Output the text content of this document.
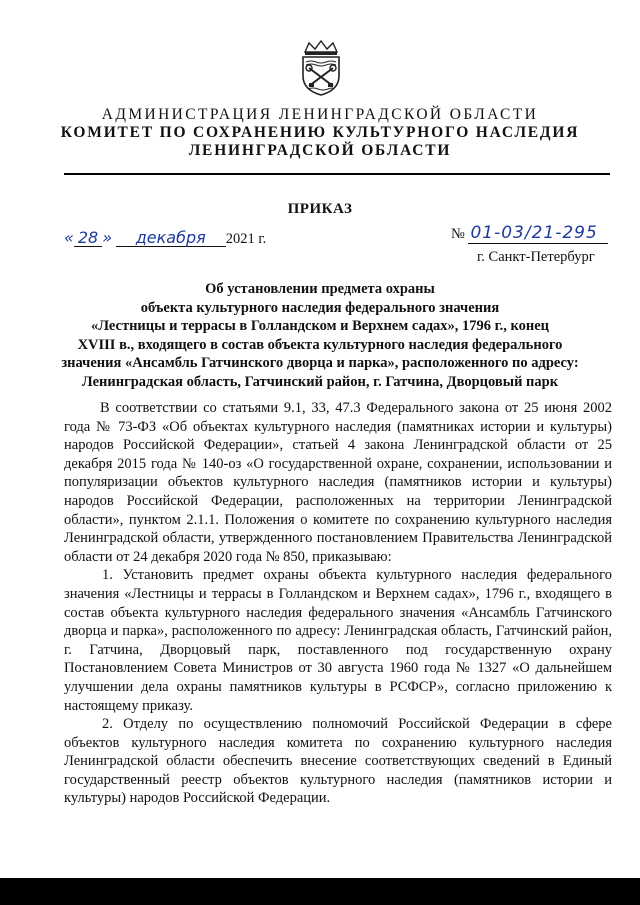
АДМИНИСТРАЦИЯ ЛЕНИНГРАДСКОЙ ОБЛАСТИ
КОМИТЕТ ПО СОХРАНЕНИЮ КУЛЬТУРНОГО НАСЛЕДИЯ
ЛЕНИНГРАДСКОЙ ОБЛАСТИ
ПРИКАЗ
« 28 » декабря 2021 г.	№ 01-03/21-295
г. Санкт-Петербург
Об установлении предмета охраны
объекта культурного наследия федерального значения
«Лестницы и террасы в Голландском и Верхнем садах», 1796 г., конец
XVIII в., входящего в состав объекта культурного наследия федерального
значения «Ансамбль Гатчинского дворца и парка», расположенного по адресу:
Ленинградская область, Гатчинский район, г. Гатчина, Дворцовый парк

В соответствии со статьями 9.1, 33, 47.3 Федерального закона от 25 июня 2002 года № 73-ФЗ «Об объектах культурного наследия (памятниках истории и культуры) народов Российской Федерации», статьей 4 закона Ленинградской области от 25 декабря 2015 года № 140-оз «О государственной охране, сохранении, использовании и популяризации объектов культурного наследия (памятников истории и культуры) народов Российской Федерации, расположенных на территории Ленинградской области», пунктом 2.1.1. Положения о комитете по сохранению культурного наследия Ленинградской области, утвержденного постановлением Правительства Ленинградской области от 24 декабря 2020 года № 850, приказываю:

1. Установить предмет охраны объекта культурного наследия федерального значения «Лестницы и террасы в Голландском и Верхнем садах», 1796 г., входящего в состав объекта культурного наследия федерального значения «Ансамбль Гатчинского дворца и парка», расположенного по адресу: Ленинградская область, Гатчинский район, г. Гатчина, Дворцовый парк, поставленного под государственную охрану Постановлением Совета Министров от 30 августа 1960 года № 1327 «О дальнейшем улучшении дела охраны памятников культуры в РСФСР», согласно приложению к настоящему приказу.

2. Отделу по осуществлению полномочий Российской Федерации в сфере объектов культурного наследия комитета по сохранению культурного наследия Ленинградской области обеспечить внесение соответствующих сведений в Единый государственный реестр объектов культурного наследия (памятников истории и культуры) народов Российской Федерации.
